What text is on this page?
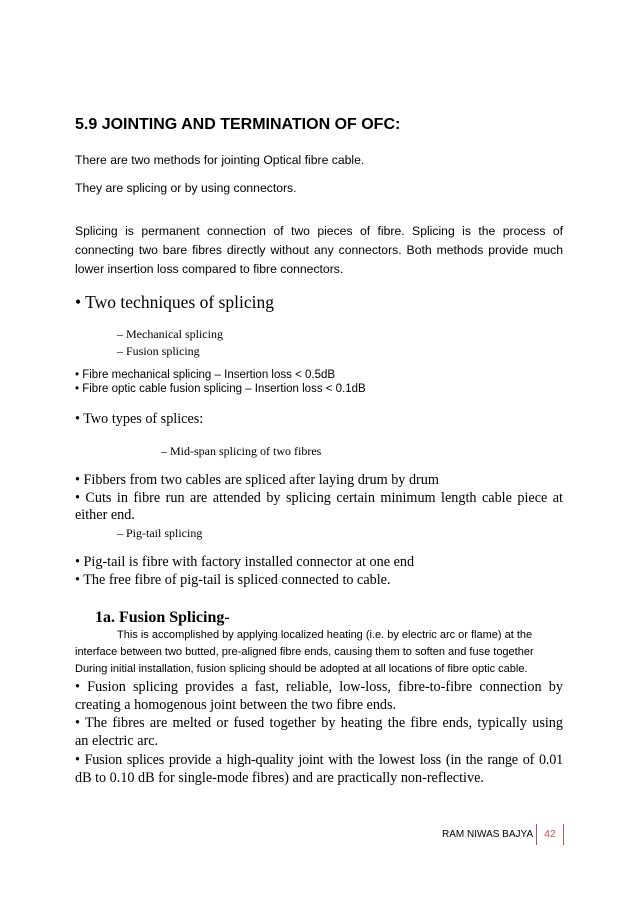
5.9 JOINTING AND TERMINATION OF OFC:
There are two methods for jointing Optical fibre cable.
They are splicing or by using connectors.
Splicing is permanent connection of two pieces of fibre. Splicing is the process of
connecting two bare fibres directly without any connectors. Both methods provide much
lower insertion loss compared to fibre connectors.
• Two techniques of splicing
– Mechanical splicing
– Fusion splicing
• Fibre mechanical splicing – Insertion loss < 0.5dB
• Fibre optic cable fusion splicing – Insertion loss < 0.1dB
• Two types of splices:
– Mid-span splicing of two fibres
• Fibbers from two cables are spliced after laying drum by drum
• Cuts in fibre run are attended by splicing certain minimum length cable piece at
either end.
– Pig-tail splicing
• Pig-tail is fibre with factory installed connector at one end
• The free fibre of pig-tail is spliced connected to cable.
1a. Fusion Splicing-
This is accomplished by applying localized heating (i.e. by electric arc or flame) at the
interface between two butted, pre-aligned fibre ends, causing them to soften and fuse together
During initial installation, fusion splicing should be adopted at all locations of fibre optic cable.
• Fusion splicing provides a fast, reliable, low-loss, fibre-to-fibre connection by
creating a homogenous joint between the two fibre ends.
• The fibres are melted or fused together by heating the fibre ends, typically using
an electric arc.
• Fusion splices provide a high-quality joint with the lowest loss (in the range of 0.01
dB to 0.10 dB for single-mode fibres) and are practically non-reflective.
RAM NIWAS BAJYA	42
